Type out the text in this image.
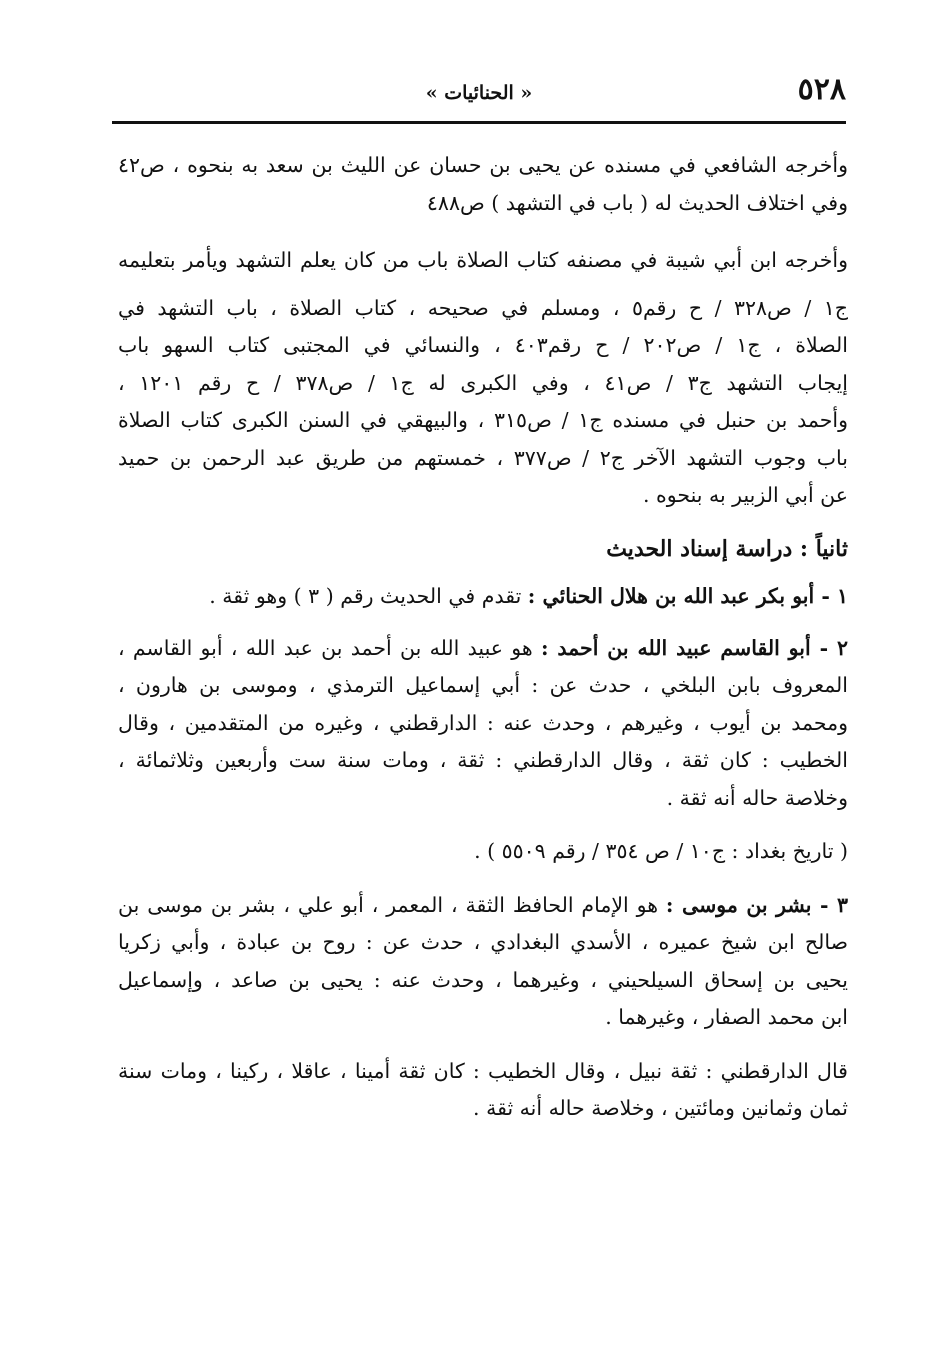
٥٢٨
« الحنائيات »
وأخرجه الشافعي في مسنده عن يحيى بن حسان عن الليث بن سعد به بنحوه ، ص٤٢
وفي اختلاف الحديث له ( باب في التشهد ) ص٤٨٨
وأخرجه ابن أبي شيبة في مصنفه كتاب الصلاة باب من كان يعلم التشهد ويأمر بتعليمه
ج١ / ص٣٢٨ / ح رقم٥ ، ومسلم في صحيحه ، كتاب الصلاة ، باب التشهد في
الصلاة ، ج١ / ص٢٠٢ / ح رقم٤٠٣ ، والنسائي في المجتبى كتاب السهو باب
إيجاب التشهد ج٣ / ص٤١ ، وفي الكبرى له ج١ / ص٣٧٨ / ح رقم ١٢٠١ ،
وأحمد بن حنبل في مسنده ج١ / ص٣١٥ ، والبيهقي في السنن الكبرى كتاب الصلاة
باب وجوب التشهد الآخر ج٢ / ص٣٧٧ ، خمستهم من طريق عبد الرحمن بن حميد
عن أبي الزبير به بنحوه .
ثانياً : دراسة إسناد الحديث
١ - أبو بكر عبد الله بن هلال الحنائي : تقدم في الحديث رقم ( ٣ ) وهو ثقة .
٢ - أبو القاسم عبيد الله بن أحمد : هو عبيد الله بن أحمد بن عبد الله ، أبو القاسم ،
المعروف بابن البلخي ، حدث عن : أبي إسماعيل الترمذي ، وموسى بن هارون ،
ومحمد بن أيوب ، وغيرهم ، وحدث عنه : الدارقطني ، وغيره من المتقدمين ، وقال
الخطيب : كان ثقة ، وقال الدارقطني : ثقة ، ومات سنة ست وأربعين وثلاثمائة ،
وخلاصة حاله أنه ثقة .
( تاريخ بغداد : ج١٠ / ص ٣٥٤ / رقم ٥٥٠٩ ) .
٣ - بشر بن موسى : هو الإمام الحافظ الثقة ، المعمر ، أبو علي ، بشر بن موسى بن
صالح ابن شيخ عميره ، الأسدي البغدادي ، حدث عن : روح بن عبادة ، وأبي زكريا
يحيى بن إسحاق السيلحيني ، وغيرهما ، وحدث عنه : يحيى بن صاعد ، وإسماعيل
ابن محمد الصفار ، وغيرهما .
قال الدارقطني : ثقة نبيل ، وقال الخطيب : كان ثقة أمينا ، عاقلا ، ركينا ، ومات سنة
ثمان وثمانين ومائتين ، وخلاصة حاله أنه ثقة .
